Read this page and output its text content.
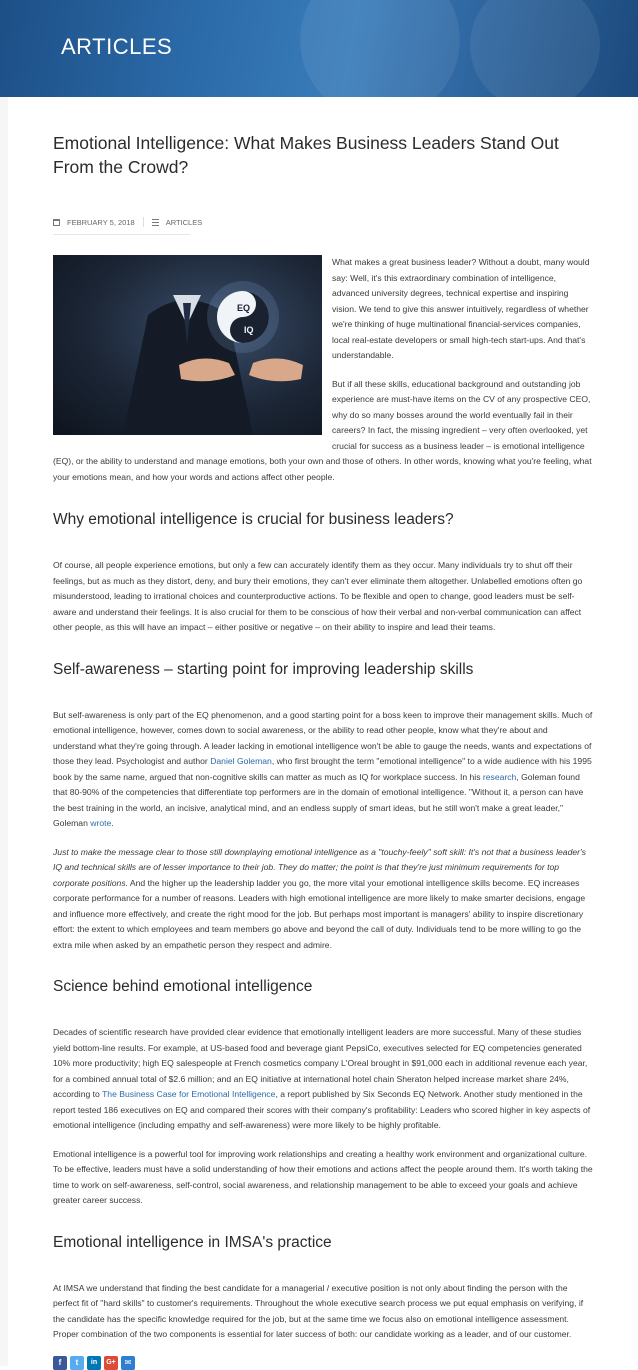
ARTICLES
Emotional Intelligence: What Makes Business Leaders Stand Out From the Crowd?
FEBRUARY 5, 2018	ARTICLES
EQ
IQ

What makes a great business leader? Without a doubt, many would say: Well, it's this extraordinary combination of intelligence, advanced university degrees, technical expertise and inspiring vision. We tend to give this answer intuitively, regardless of whether we're thinking of huge multinational financial-services companies, local real-estate developers or small high-tech start-ups. And that's understandable.

But if all these skills, educational background and outstanding job experience are must-have items on the CV of any prospective CEO, why do so many bosses around the world eventually fail in their careers? In fact, the missing ingredient – very often overlooked, yet crucial for success as a business leader – is emotional intelligence (EQ), or the ability to understand and manage emotions, both your own and those of others. In other words, knowing what you're feeling, what your emotions mean, and how your words and actions affect other people.

Why emotional intelligence is crucial for business leaders?

Of course, all people experience emotions, but only a few can accurately identify them as they occur. Many individuals try to shut off their feelings, but as much as they distort, deny, and bury their emotions, they can't ever eliminate them altogether. Unlabelled emotions often go misunderstood, leading to irrational choices and counterproductive actions. To be flexible and open to change, good leaders must be self-aware and understand their feelings. It is also crucial for them to be conscious of how their verbal and non-verbal communication can affect other people, as this will have an impact – either positive or negative – on their ability to inspire and lead their teams.

Self-awareness – starting point for improving leadership skills

But self-awareness is only part of the EQ phenomenon, and a good starting point for a boss keen to improve their management skills. Much of emotional intelligence, however, comes down to social awareness, or the ability to read other people, know what they're about and understand what they're going through. A leader lacking in emotional intelligence won't be able to gauge the needs, wants and expectations of those they lead. Psychologist and author Daniel Goleman, who first brought the term "emotional intelligence" to a wide audience with his 1995 book by the same name, argued that non-cognitive skills can matter as much as IQ for workplace success. In his research, Goleman found that 80-90% of the competencies that differentiate top performers are in the domain of emotional intelligence. "Without it, a person can have the best training in the world, an incisive, analytical mind, and an endless supply of smart ideas, but he still won't make a great leader," Goleman wrote.

Just to make the message clear to those still downplaying emotional intelligence as a "touchy-feely" soft skill: It's not that a business leader's IQ and technical skills are of lesser importance to their job. They do matter; the point is that they're just minimum requirements for top corporate positions. And the higher up the leadership ladder you go, the more vital your emotional intelligence skills become. EQ increases corporate performance for a number of reasons. Leaders with high emotional intelligence are more likely to make smarter decisions, engage and influence more effectively, and create the right mood for the job. But perhaps most important is managers' ability to inspire discretionary effort: the extent to which employees and team members go above and beyond the call of duty. Individuals tend to be more willing to go the extra mile when asked by an empathetic person they respect and admire.

Science behind emotional intelligence

Decades of scientific research have provided clear evidence that emotionally intelligent leaders are more successful. Many of these studies yield bottom-line results. For example, at US-based food and beverage giant PepsiCo, executives selected for EQ competencies generated 10% more productivity; high EQ salespeople at French cosmetics company L'Oreal brought in $91,000 each in additional revenue each year, for a combined annual total of $2.6 million; and an EQ initiative at international hotel chain Sheraton helped increase market share 24%, according to The Business Case for Emotional Intelligence, a report published by Six Seconds EQ Network. Another study mentioned in the report tested 186 executives on EQ and compared their scores with their company's profitability: Leaders who scored higher in key aspects of emotional intelligence (including empathy and self-awareness) were more likely to be highly profitable.

Emotional intelligence is a powerful tool for improving work relationships and creating a healthy work environment and organizational culture. To be effective, leaders must have a solid understanding of how their emotions and actions affect the people around them. It's worth taking the time to work on self-awareness, self-control, social awareness, and relationship management to be able to exceed your goals and achieve greater career success.

Emotional intelligence in IMSA's practice

At IMSA we understand that finding the best candidate for a managerial / executive position is not only about finding the person with the perfect fit of "hard skills" to customer's requirements. Throughout the whole executive search process we put equal emphasis on verifying, if the candidate has the specific knowledge required for the job, but at the same time we focus also on emotional intelligence assessment. Proper combination of the two components is essential for later success of both: our candidate working as a leader, and of our customer.

f	t	in	G+	✉
